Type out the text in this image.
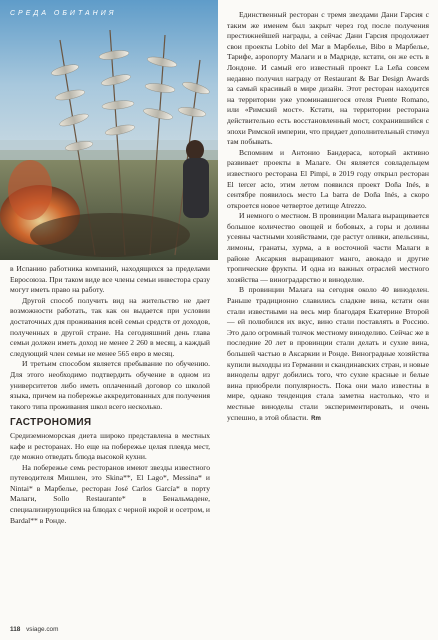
СРЕДА ОБИТАНИЯ

в Испанию работника компаний, находящихся за пределами Евросоюза. При таком виде все члены семьи инвестора сразу могут иметь право на работу.

Другой способ получить вид на жительство не дает возможности работать, так как он выдается при условии достаточных для проживания всей семьи средств от доходов, полученных в другой стране. На сегодняшний день глава семьи должен иметь доход не менее 2 260 в месяц, а каждый следующий член семьи не менее 565 евро в месяц.

И третьим способом является пребывание по обучению. Для этого необходимо подтвердить обучение в одном из университетов либо иметь оплаченный договор со школой языка, причем на побережье аккредитованных для получения такого типа проживания школ всего несколько.

ГАСТРОНОМИЯ

Средиземноморская диета широко представлена в местных кафе и ресторанах. Но еще на побережье целая плеяда мест, где можно отведать блюда высокой кухни.

На побережье семь ресторанов имеют звезды известного путеводителя Мишлен, это Skina**, El Lago*, Messina* и Nintai* в Марбелье, ресторан José Carlos García* в порту Малаги, Sollo Restaurante* в Бенальмадене, специализирующийся на блюдах с черной икрой и осетром, и Bardal** в Ронде.

Единственный ресторан с тремя звездами Дани Гарсия с таким же именем был закрыт через год после получения престижнейшей награды, а сейчас Дани Гарсия продолжает свои проекты Lobito del Mar в Марбелье, Bibo в Марбелье, Тарифе, аэропорту Малаги и в Мадриде, кстати, он же есть в Лондоне. И самый его известный проект La Leña совсем недавно получил награду от Restaurant & Bar Design Awards за самый красивый в мире дизайн. Этот ресторан находится на территории уже упоминавшегося отеля Puente Romano, или «Римский мост». Кстати, на территории ресторана действительно есть восстановленный мост, сохранившийся с эпохи Римской империи, что придает дополнительный стимул там побывать.

Вспомним и Антонио Бандераса, который активно развивает проекты в Малаге. Он является совладельцем известного ресторана El Pimpi, в 2019 году открыл ресторан El tercer acto, этим летом появился проект Doña Inés, в сентябре появилось место La barra de Doña Inés, а скоро откроется новое четвертое детище Atrezzo.

И немного о местном. В провинции Малага выращивается большое количество овощей и бобовых, а горы и долины усеяны частными хозяйствами, где растут оливки, апельсины, лимоны, гранаты, хурма, а в восточной части Малаги в районе Аксаркия выращивают манго, авокадо и другие тропические фрукты. И одна из важных отраслей местного хозяйства — виноградарство и виноделие.

В провинции Малага на сегодня около 40 виноделен. Раньше традиционно славились сладкие вина, кстати они стали известными на весь мир благодаря Екатерине Второй — ей полюбился их вкус, вино стали поставлять в Россию. Это дало огромный толчок местному виноделию. Сейчас же в последние 20 лет в провинции стали делать и сухие вина, большей частью в Аксаркии и Ронде. Виноградные хозяйства купили выходцы из Германии и скандинавских стран, и новые виноделы вдруг добились того, что сухие красные и белые вина приобрели популярность. Пока они мало известны в мире, однако тенденция стала заметна настолько, что и местные виноделы стали экспериментировать, и очень успешно, в этой области. Rm

118 vsiage.com
